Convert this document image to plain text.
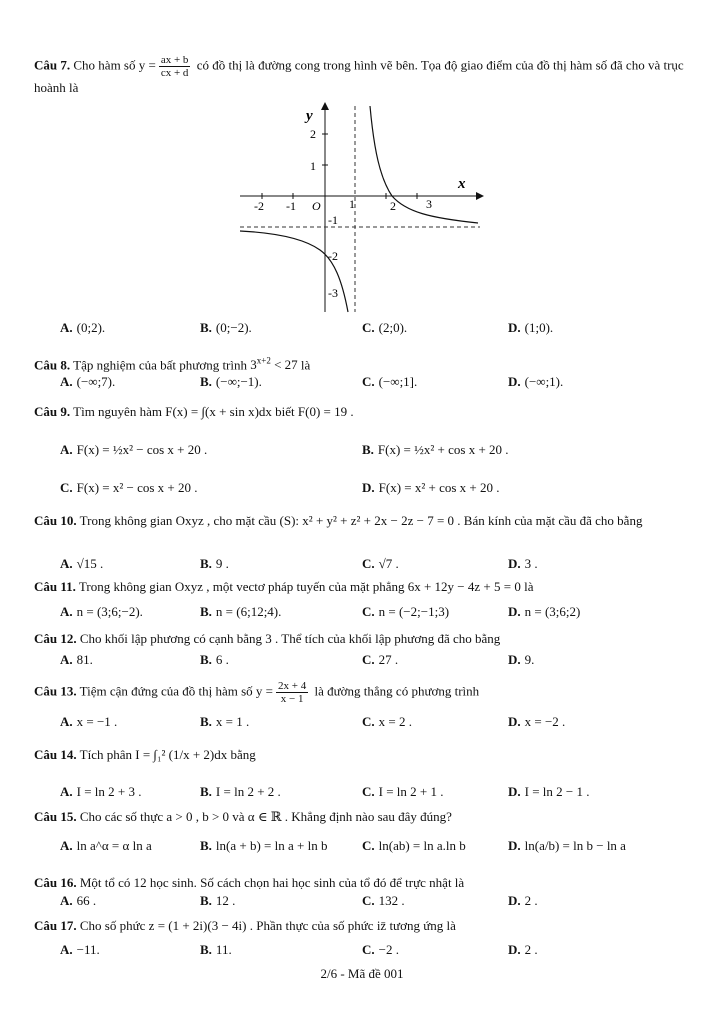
Câu 7. Cho hàm số $y = \frac{ax + b}{cx + d}$ có đồ thị là đường cong trong hình vẽ bên. Tọa độ giao điểm của đồ thị hàm số đã cho và trục hoành là
y
x
O
-2 -1	1	2	3
2
1
-1
-2
-3
A. (0;2).	B. (0;−2).	C. (2;0).	D. (1;0).
Câu 8. Tập nghiệm của bất phương trình $3^{x+2} < 27$ là
A. (−∞;7).	B. (−∞;−1).	C. (−∞;1].	D. (−∞;1).
Câu 9. Tìm nguyên hàm F(x) = ∫(x + sin x)dx biết F(0) = 19 .
A. F(x) = ½x² − cos x + 20 .	B. F(x) = ½x² + cos x + 20 .
C. F(x) = x² − cos x + 20 .	D. F(x) = x² + cos x + 20 .
Câu 10. Trong không gian Oxyz , cho mặt cầu (S): x² + y² + z² + 2x − 2z − 7 = 0 . Bán kính của mặt cầu đã cho bằng
A. √15 .	B. 9 .	C. √7 .	D. 3 .
Câu 11. Trong không gian Oxyz , một vectơ pháp tuyến của mặt phẳng 6x + 12y − 4z + 5 = 0 là
A. n = (3;6;−2).	B. n = (6;12;4).	C. n = (−2;−1;3)	D. n = (3;6;2)
Câu 12. Cho khối lập phương có cạnh bằng 3 . Thể tích của khối lập phương đã cho bằng
A. 81.	B. 6 .	C. 27 .	D. 9.
Câu 13. Tiệm cận đứng của đồ thị hàm số $y = \frac{2x + 4}{x - 1}$ là đường thẳng có phương trình
A. x = −1 .	B. x = 1 .	C. x = 2 .	D. x = −2 .
Câu 14. Tích phân I = ∫₁² (1/x + 2)dx bằng
A. I = ln 2 + 3 .	B. I = ln 2 + 2 .	C. I = ln 2 + 1 .	D. I = ln 2 − 1 .
Câu 15. Cho các số thực a > 0 , b > 0 và α ∈ ℝ . Khẳng định nào sau đây đúng?
A. ln a^α = α ln a	B. ln(a + b) = ln a + ln b	C. ln(ab) = ln a.ln b	D. ln(a/b) = ln b − ln a
Câu 16. Một tổ có 12 học sinh. Số cách chọn hai học sinh của tổ đó để trực nhật là
A. 66 .	B. 12 .	C. 132 .	D. 2 .
Câu 17. Cho số phức z = (1 + 2i)(3 − 4i) . Phần thực của số phức iz̄ tương ứng là
A. −11.	B. 11.	C. −2 .	D. 2 .
2/6 - Mã đề 001
